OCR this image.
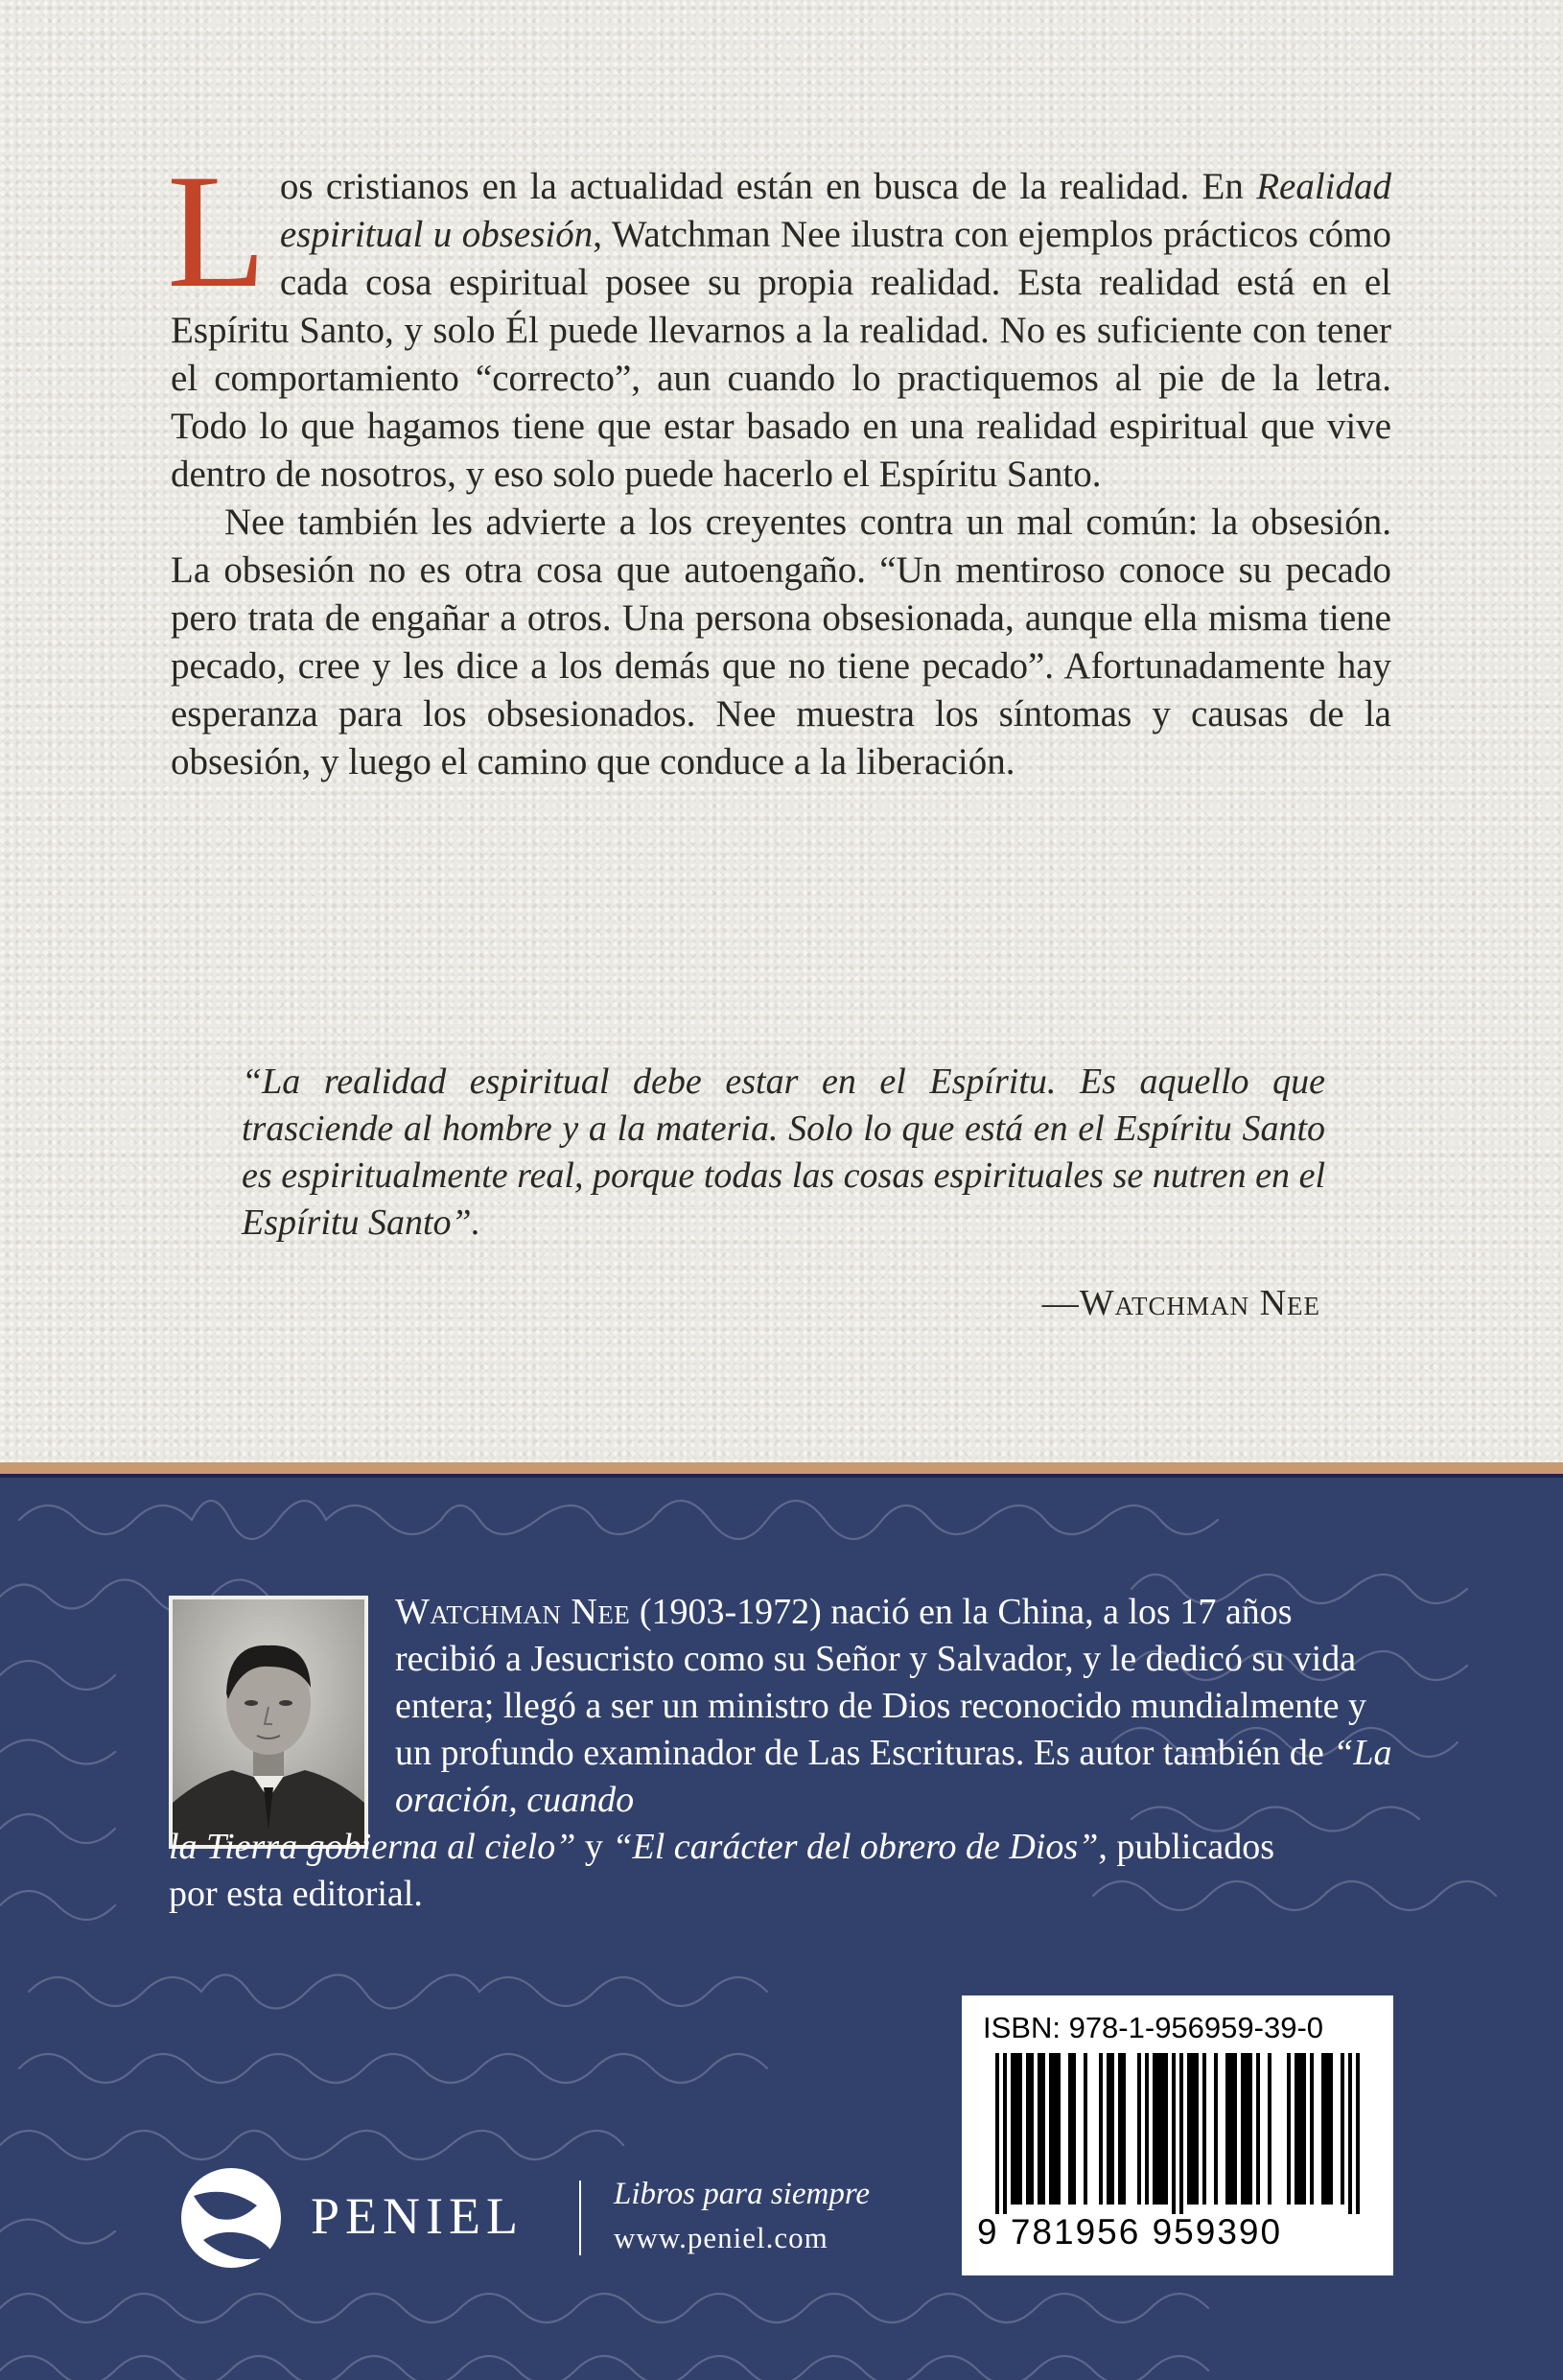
Los cristianos en la actualidad están en busca de la realidad. En Realidad espiritual u obsesión, Watchman Nee ilustra con ejemplos prácticos cómo cada cosa espiritual posee su propia realidad. Esta realidad está en el Espíritu Santo, y solo Él puede llevarnos a la realidad. No es suficiente con tener el comportamiento “correcto”, aun cuando lo practiquemos al pie de la letra. Todo lo que hagamos tiene que estar basado en una realidad espiritual que vive dentro de nosotros, y eso solo puede hacerlo el Espíritu Santo.

Nee también les advierte a los creyentes contra un mal común: la obsesión. La obsesión no es otra cosa que autoengaño. “Un mentiroso conoce su pecado pero trata de engañar a otros. Una persona obsesionada, aunque ella misma tiene pecado, cree y les dice a los demás que no tiene pecado”. Afortunadamente hay esperanza para los obsesionados. Nee muestra los síntomas y causas de la obsesión, y luego el camino que conduce a la liberación.

“La realidad espiritual debe estar en el Espíritu. Es aquello que trasciende al hombre y a la materia. Solo lo que está en el Espíritu Santo es espiritualmente real, porque todas las cosas espirituales se nutren en el Espíritu Santo”.
—Watchman Nee
Watchman Nee (1903-1972) nació en la China, a los 17 años recibió a Jesucristo como su Señor y Salvador, y le dedicó su vida entera; llegó a ser un ministro de Dios reconocido mundialmente y un profundo examinador de Las Escrituras. Es autor también de “La oración, cuando
la Tierra gobierna al cielo” y “El carácter del obrero de Dios”, publicados
por esta editorial.
ISBN: 978-1-956959-39-0
9 781956 959390
PENIEL	Libros para siempre
www.peniel.com
